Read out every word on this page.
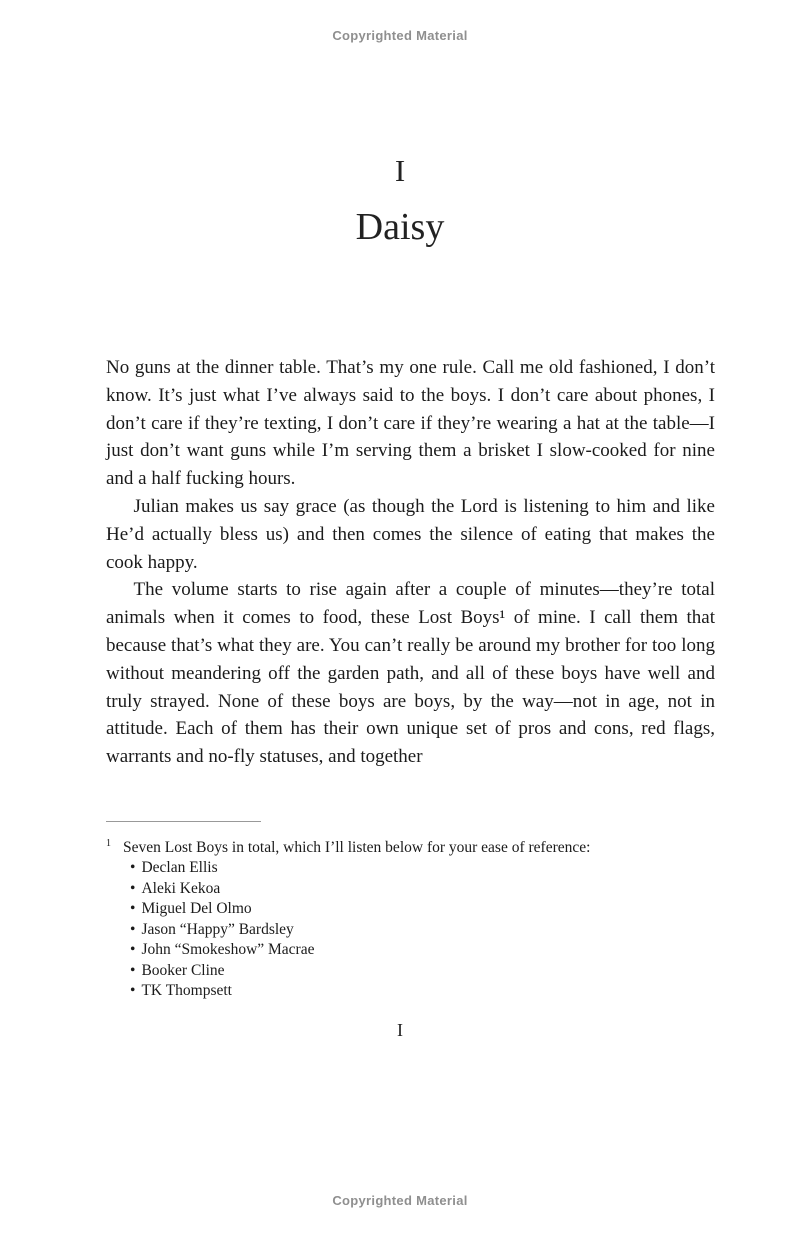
Copyrighted Material
I
Daisy

No guns at the dinner table. That’s my one rule. Call me old fashioned, I don’t know. It’s just what I’ve always said to the boys. I don’t care about phones, I don’t care if they’re texting, I don’t care if they’re wearing a hat at the table—I just don’t want guns while I’m serving them a brisket I slow-cooked for nine and a half fucking hours.

Julian makes us say grace (as though the Lord is listening to him and like He’d actually bless us) and then comes the silence of eating that makes the cook happy.

The volume starts to rise again after a couple of minutes—they’re total animals when it comes to food, these Lost Boys¹ of mine. I call them that because that’s what they are. You can’t really be around my brother for too long without meandering off the garden path, and all of these boys have well and truly strayed. None of these boys are boys, by the way—not in age, not in attitude. Each of them has their own unique set of pros and cons, red flags, warrants and no-fly statuses, and together

$^1$ Seven Lost Boys in total, which I’ll listen below for your ease of reference:

• Declan Ellis
• Aleki Kekoa
• Miguel Del Olmo
• Jason “Happy” Bardsley
• John “Smokeshow” Macrae
• Booker Cline
• TK Thompsett
I
Copyrighted Material
